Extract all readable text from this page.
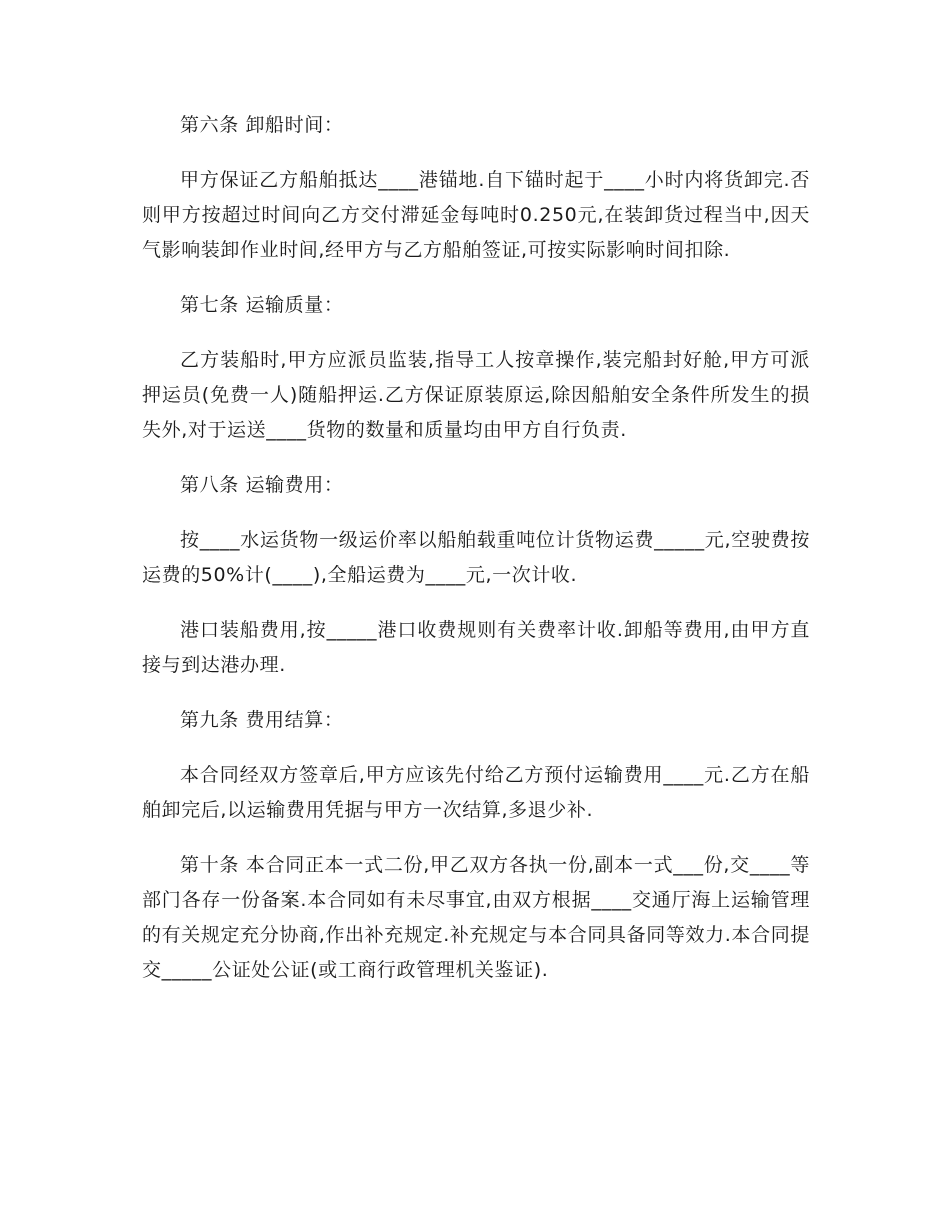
第六条 卸船时间：

甲方保证乙方船舶抵达____港锚地.自下锚时起于____小时内将货卸完.否则甲方按超过时间向乙方交付滞延金每吨时0.250元,在装卸货过程当中,因天气影响装卸作业时间,经甲方与乙方船舶签证,可按实际影响时间扣除.

第七条 运输质量：

乙方装船时,甲方应派员监装,指导工人按章操作,装完船封好舱,甲方可派押运员(免费一人)随船押运.乙方保证原装原运,除因船舶安全条件所发生的损失外,对于运送____货物的数量和质量均由甲方自行负责.

第八条 运输费用：

按____水运货物一级运价率以船舶载重吨位计货物运费_____元,空驶费按运费的50%计(____),全船运费为____元,一次计收.

港口装船费用,按_____港口收费规则有关费率计收.卸船等费用,由甲方直接与到达港办理.

第九条 费用结算：

本合同经双方签章后,甲方应该先付给乙方预付运输费用____元.乙方在船舶卸完后,以运输费用凭据与甲方一次结算,多退少补.

第十条 本合同正本一式二份,甲乙双方各执一份,副本一式___份,交____等部门各存一份备案.本合同如有未尽事宜,由双方根据____交通厅海上运输管理的有关规定充分协商,作出补充规定.补充规定与本合同具备同等效力.本合同提交_____公证处公证(或工商行政管理机关鉴证).
